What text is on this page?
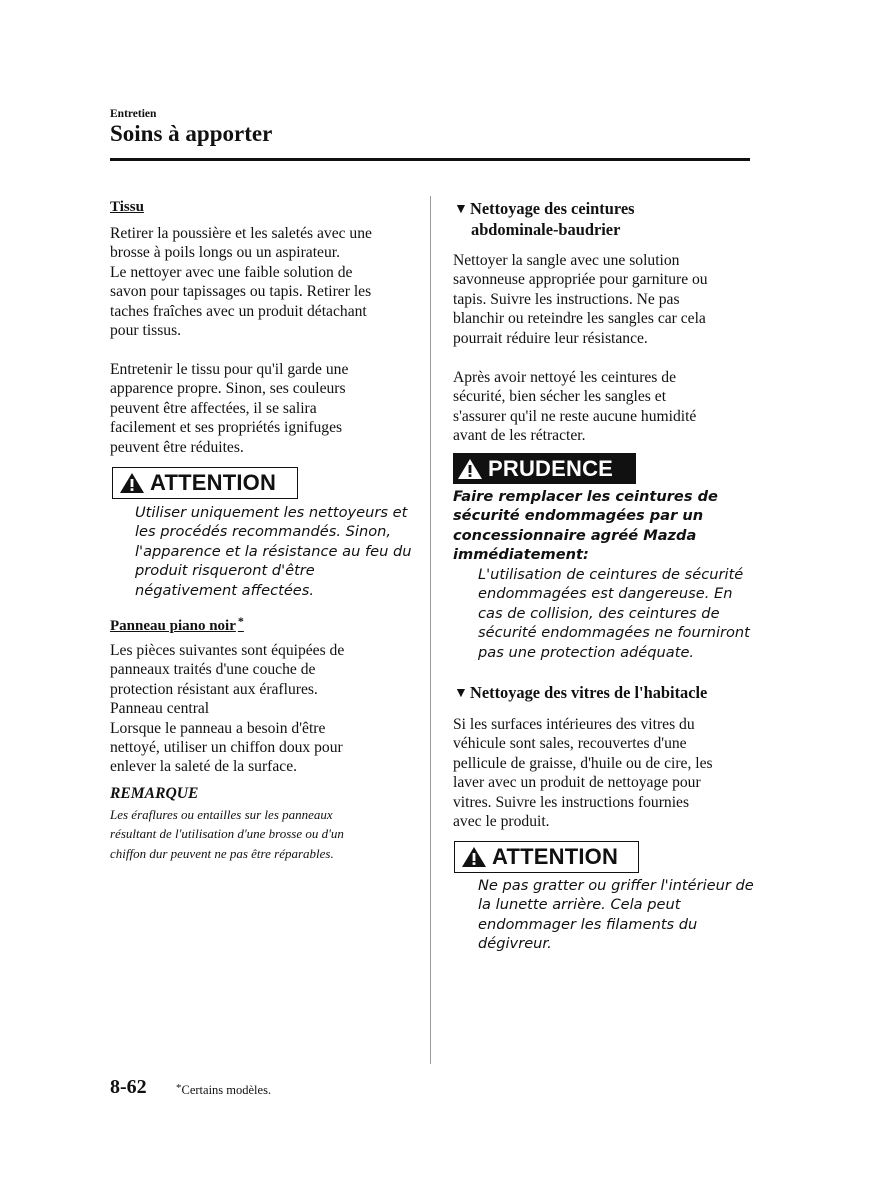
Entretien
Soins à apporter
Tissu

Retirer la poussière et les saletés avec une
brosse à poils longs ou un aspirateur.
Le nettoyer avec une faible solution de
savon pour tapissages ou tapis. Retirer les
taches fraîches avec un produit détachant
pour tissus.

Entretenir le tissu pour qu'il garde une
apparence propre. Sinon, ses couleurs
peuvent être affectées, il se salira
facilement et ses propriétés ignifuges
peuvent être réduites.

ATTENTION

Utiliser uniquement les nettoyeurs et
les procédés recommandés. Sinon,
l'apparence et la résistance au feu du
produit risqueront d'être
négativement affectées.

Panneau piano noir *

Les pièces suivantes sont équipées de
panneaux traités d'une couche de
protection résistant aux éraflures.
Panneau central
Lorsque le panneau a besoin d'être
nettoyé, utiliser un chiffon doux pour
enlever la saleté de la surface.

REMARQUE

Les éraflures ou entailles sur les panneaux
résultant de l'utilisation d'une brosse ou d'un
chiffon dur peuvent ne pas être réparables.

▼ Nettoyage des ceintures
abdominale-baudrier

Nettoyer la sangle avec une solution
savonneuse appropriée pour garniture ou
tapis. Suivre les instructions. Ne pas
blanchir ou reteindre les sangles car cela
pourrait réduire leur résistance.

Après avoir nettoyé les ceintures de
sécurité, bien sécher les sangles et
s'assurer qu'il ne reste aucune humidité
avant de les rétracter.

PRUDENCE

Faire remplacer les ceintures de
sécurité endommagées par un
concessionnaire agréé Mazda
immédiatement:

L'utilisation de ceintures de sécurité
endommagées est dangereuse. En
cas de collision, des ceintures de
sécurité endommagées ne fourniront
pas une protection adéquate.

▼ Nettoyage des vitres de l'habitacle

Si les surfaces intérieures des vitres du
véhicule sont sales, recouvertes d'une
pellicule de graisse, d'huile ou de cire, les
laver avec un produit de nettoyage pour
vitres. Suivre les instructions fournies
avec le produit.

ATTENTION

Ne pas gratter ou griffer l'intérieur de
la lunette arrière. Cela peut
endommager les filaments du
dégivreur.

8-62	*Certains modèles.
